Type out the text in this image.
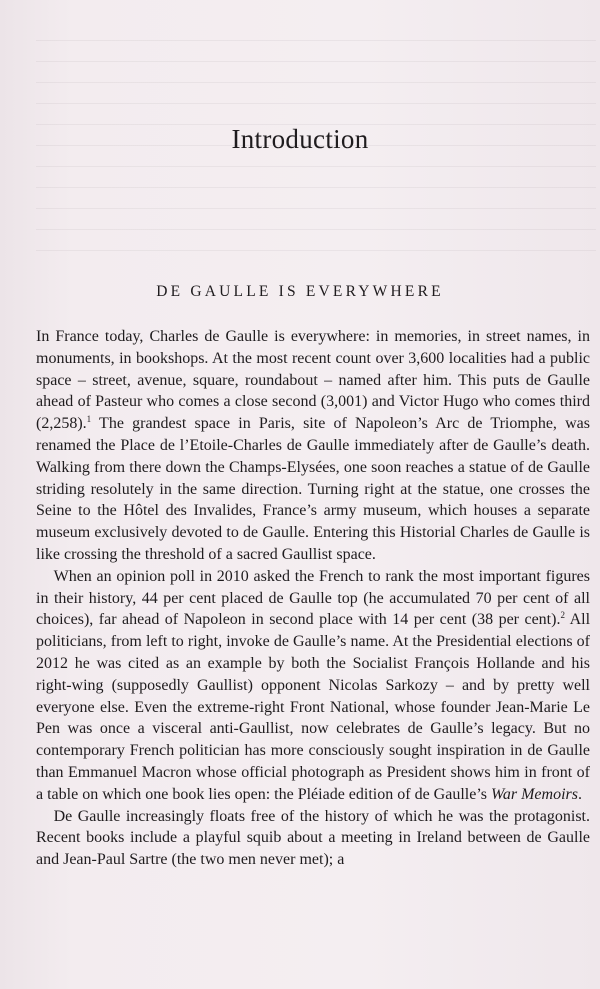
Introduction
DE GAULLE IS EVERYWHERE

In France today, Charles de Gaulle is everywhere: in memories, in street names, in monuments, in bookshops. At the most recent count over 3,600 localities had a public space – street, avenue, square, roundabout – named after him. This puts de Gaulle ahead of Pasteur who comes a close second (3,001) and Victor Hugo who comes third (2,258).$^1$ The grandest space in Paris, site of Napoleon’s Arc de Triomphe, was renamed the Place de l’Etoile-Charles de Gaulle immediately after de Gaulle’s death. Walking from there down the Champs-Elysées, one soon reaches a statue of de Gaulle striding resolutely in the same direction. Turning right at the statue, one crosses the Seine to the Hôtel des Invalides, France’s army museum, which houses a separate museum exclusively devoted to de Gaulle. Entering this Historial Charles de Gaulle is like crossing the threshold of a sacred Gaullist space.

When an opinion poll in 2010 asked the French to rank the most important figures in their history, 44 per cent placed de Gaulle top (he accumulated 70 per cent of all choices), far ahead of Napoleon in second place with 14 per cent (38 per cent).$^2$ All politicians, from left to right, invoke de Gaulle’s name. At the Presidential elections of 2012 he was cited as an example by both the Socialist François Hollande and his right-wing (supposedly Gaullist) opponent Nicolas Sarkozy – and by pretty well everyone else. Even the extreme-right Front National, whose founder Jean-Marie Le Pen was once a visceral anti-Gaullist, now celebrates de Gaulle’s legacy. But no contemporary French politician has more consciously sought inspiration in de Gaulle than Emmanuel Macron whose official photograph as President shows him in front of a table on which one book lies open: the Pléiade edition of de Gaulle’s War Memoirs.

De Gaulle increasingly floats free of the history of which he was the protagonist. Recent books include a playful squib about a meeting in Ireland between de Gaulle and Jean-Paul Sartre (the two men never met); a
